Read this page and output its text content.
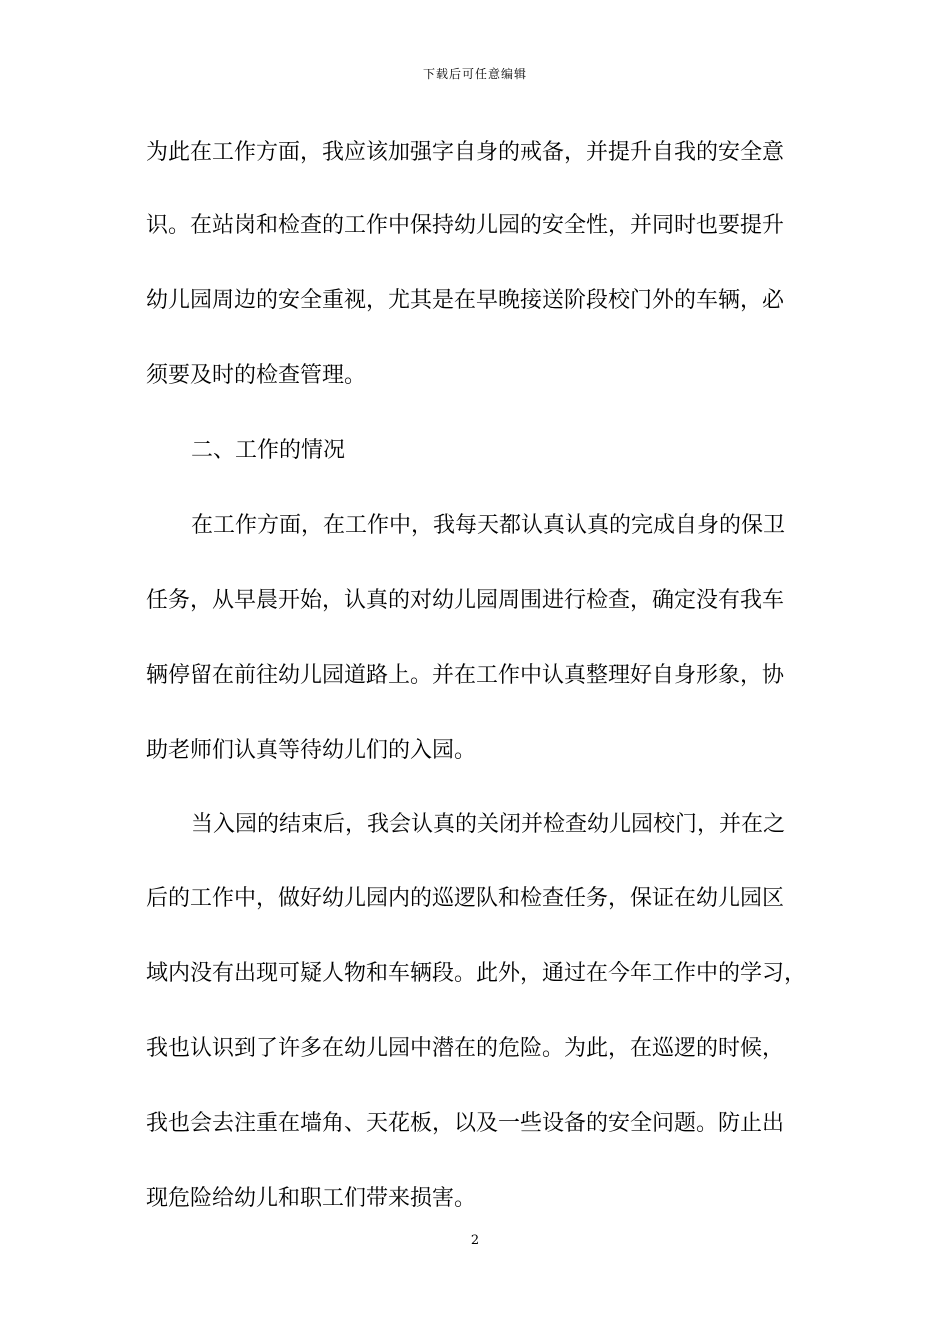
下载后可任意编辑
为此在工作方面，我应该加强字自身的戒备，并提升自我的安全意
识。在站岗和检查的工作中保持幼儿园的安全性，并同时也要提升
幼儿园周边的安全重视，尤其是在早晚接送阶段校门外的车辆，必
须要及时的检查管理。
二、工作的情况
在工作方面，在工作中，我每天都认真认真的完成自身的保卫
任务，从早晨开始，认真的对幼儿园周围进行检查，确定没有我车
辆停留在前往幼儿园道路上。并在工作中认真整理好自身形象，协
助老师们认真等待幼儿们的入园。
当入园的结束后，我会认真的关闭并检查幼儿园校门，并在之
后的工作中，做好幼儿园内的巡逻队和检查任务，保证在幼儿园区
域内没有出现可疑人物和车辆段。此外，通过在今年工作中的学习，
我也认识到了许多在幼儿园中潜在的危险。为此，在巡逻的时候，
我也会去注重在墙角、天花板，以及一些设备的安全问题。防止出
现危险给幼儿和职工们带来损害。
2
